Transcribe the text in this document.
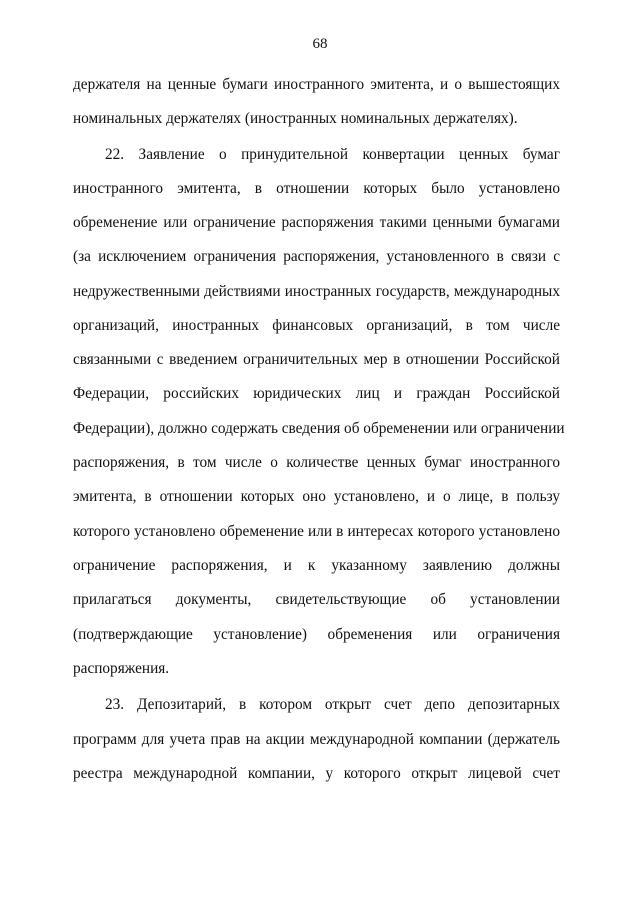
68
держателя на ценные бумаги иностранного эмитента, и о вышестоящих
номинальных держателях (иностранных номинальных держателях).
22. Заявление о принудительной конвертации ценных бумаг
иностранного эмитента, в отношении которых было установлено
обременение или ограничение распоряжения такими ценными бумагами
(за исключением ограничения распоряжения, установленного в связи с
недружественными действиями иностранных государств, международных
организаций, иностранных финансовых организаций, в том числе
связанными с введением ограничительных мер в отношении Российской
Федерации, российских юридических лиц и граждан Российской
Федерации), должно содержать сведения об обременении или ограничении
распоряжения, в том числе о количестве ценных бумаг иностранного
эмитента, в отношении которых оно установлено, и о лице, в пользу
которого установлено обременение или в интересах которого установлено
ограничение распоряжения, и к указанному заявлению должны
прилагаться документы, свидетельствующие об установлении
(подтверждающие установление) обременения или ограничения
распоряжения.
23. Депозитарий, в котором открыт счет депо депозитарных
программ для учета прав на акции международной компании (держатель
реестра международной компании, у которого открыт лицевой счет
